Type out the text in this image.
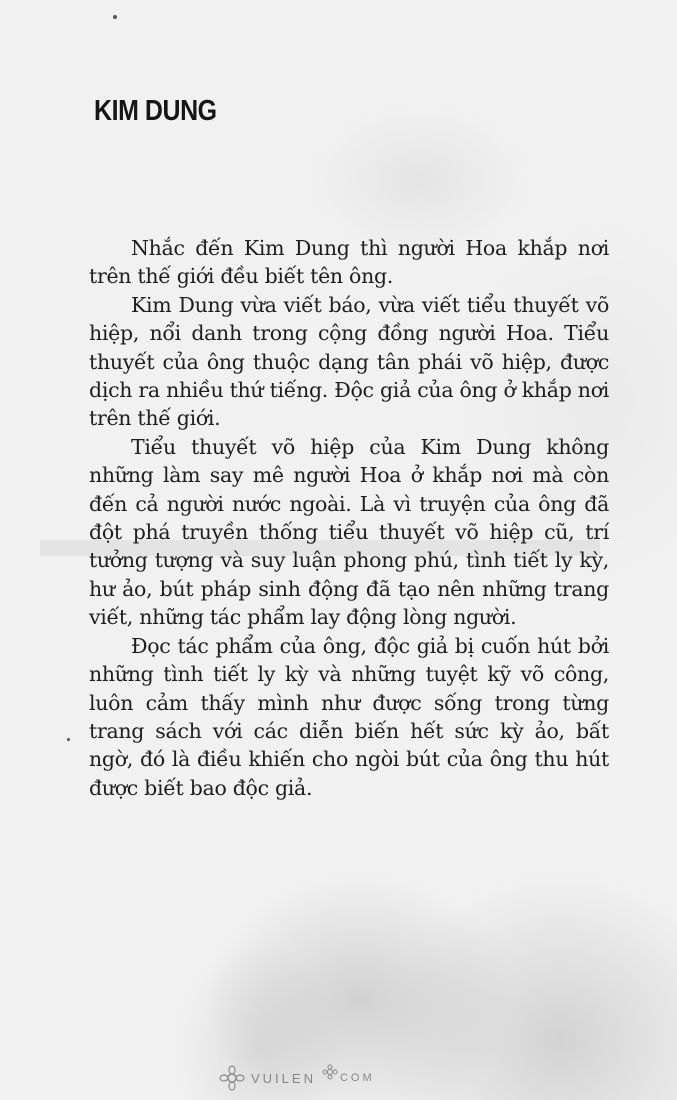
KIM DUNG

Nhắc đến Kim Dung thì người Hoa khắp nơi trên thế giới đều biết tên ông.

Kim Dung vừa viết báo, vừa viết tiểu thuyết võ hiệp, nổi danh trong cộng đồng người Hoa. Tiểu thuyết của ông thuộc dạng tân phái võ hiệp, được dịch ra nhiều thứ tiếng. Độc giả của ông ở khắp nơi trên thế giới.

Tiểu thuyết võ hiệp của Kim Dung không những làm say mê người Hoa ở khắp nơi mà còn đến cả người nước ngoài. Là vì truyện của ông đã đột phá truyền thống tiểu thuyết võ hiệp cũ, trí tưởng tượng và suy luận phong phú, tình tiết ly kỳ, hư ảo, bút pháp sinh động đã tạo nên những trang viết, những tác phẩm lay động lòng người.

Đọc tác phẩm của ông, độc giả bị cuốn hút bởi những tình tiết ly kỳ và những tuyệt kỹ võ công, luôn cảm thấy mình như được sống trong từng trang sách với các diễn biến hết sức kỳ ảo, bất ngờ, đó là điều khiến cho ngòi bút của ông thu hút được biết bao độc giả.

VUILEN COM
